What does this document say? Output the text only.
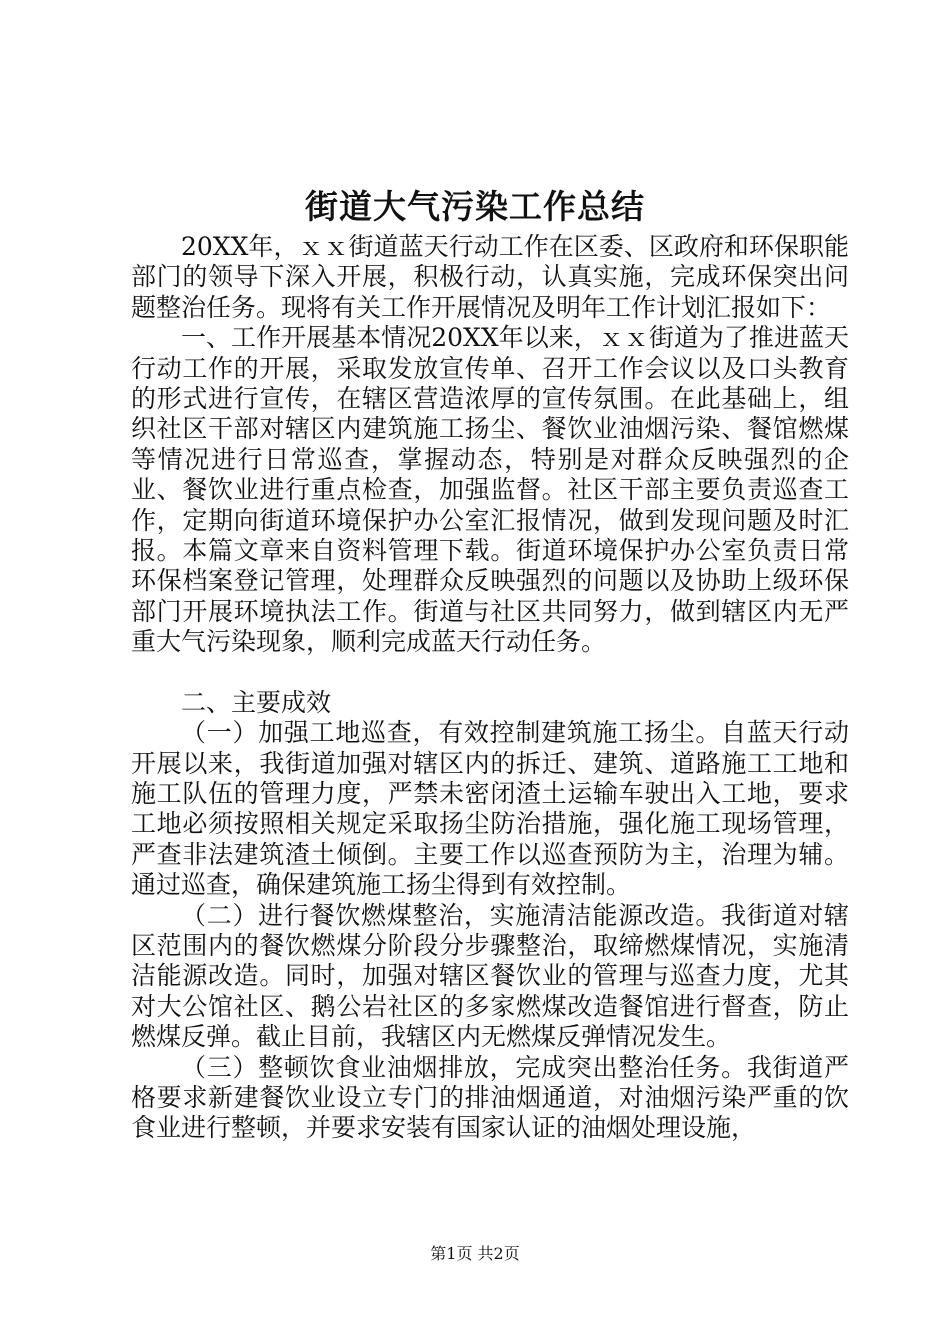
街道大气污染工作总结

20XX年，ｘｘ街道蓝天行动工作在区委、区政府和环保职能部门的领导下深入开展，积极行动，认真实施，完成环保突出问题整治任务。现将有关工作开展情况及明年工作计划汇报如下：

一、工作开展基本情况20XX年以来，ｘｘ街道为了推进蓝天行动工作的开展，采取发放宣传单、召开工作会议以及口头教育的形式进行宣传，在辖区营造浓厚的宣传氛围。在此基础上，组织社区干部对辖区内建筑施工扬尘、餐饮业油烟污染、餐馆燃煤等情况进行日常巡查，掌握动态，特别是对群众反映强烈的企业、餐饮业进行重点检查，加强监督。社区干部主要负责巡查工作，定期向街道环境保护办公室汇报情况，做到发现问题及时汇报。本篇文章来自资料管理下载。街道环境保护办公室负责日常环保档案登记管理，处理群众反映强烈的问题以及协助上级环保部门开展环境执法工作。街道与社区共同努力，做到辖区内无严重大气污染现象，顺利完成蓝天行动任务。

二、主要成效

（一）加强工地巡查，有效控制建筑施工扬尘。自蓝天行动开展以来，我街道加强对辖区内的拆迁、建筑、道路施工工地和施工队伍的管理力度，严禁未密闭渣土运输车驶出入工地，要求工地必须按照相关规定采取扬尘防治措施，强化施工现场管理，严查非法建筑渣土倾倒。主要工作以巡查预防为主，治理为辅。通过巡查，确保建筑施工扬尘得到有效控制。

（二）进行餐饮燃煤整治，实施清洁能源改造。我街道对辖区范围内的餐饮燃煤分阶段分步骤整治，取缔燃煤情况，实施清洁能源改造。同时，加强对辖区餐饮业的管理与巡查力度，尤其对大公馆社区、鹅公岩社区的多家燃煤改造餐馆进行督查，防止燃煤反弹。截止目前，我辖区内无燃煤反弹情况发生。

（三）整顿饮食业油烟排放，完成突出整治任务。我街道严格要求新建餐饮业设立专门的排油烟通道，对油烟污染严重的饮食业进行整顿，并要求安装有国家认证的油烟处理设施，

第1页 共2页
